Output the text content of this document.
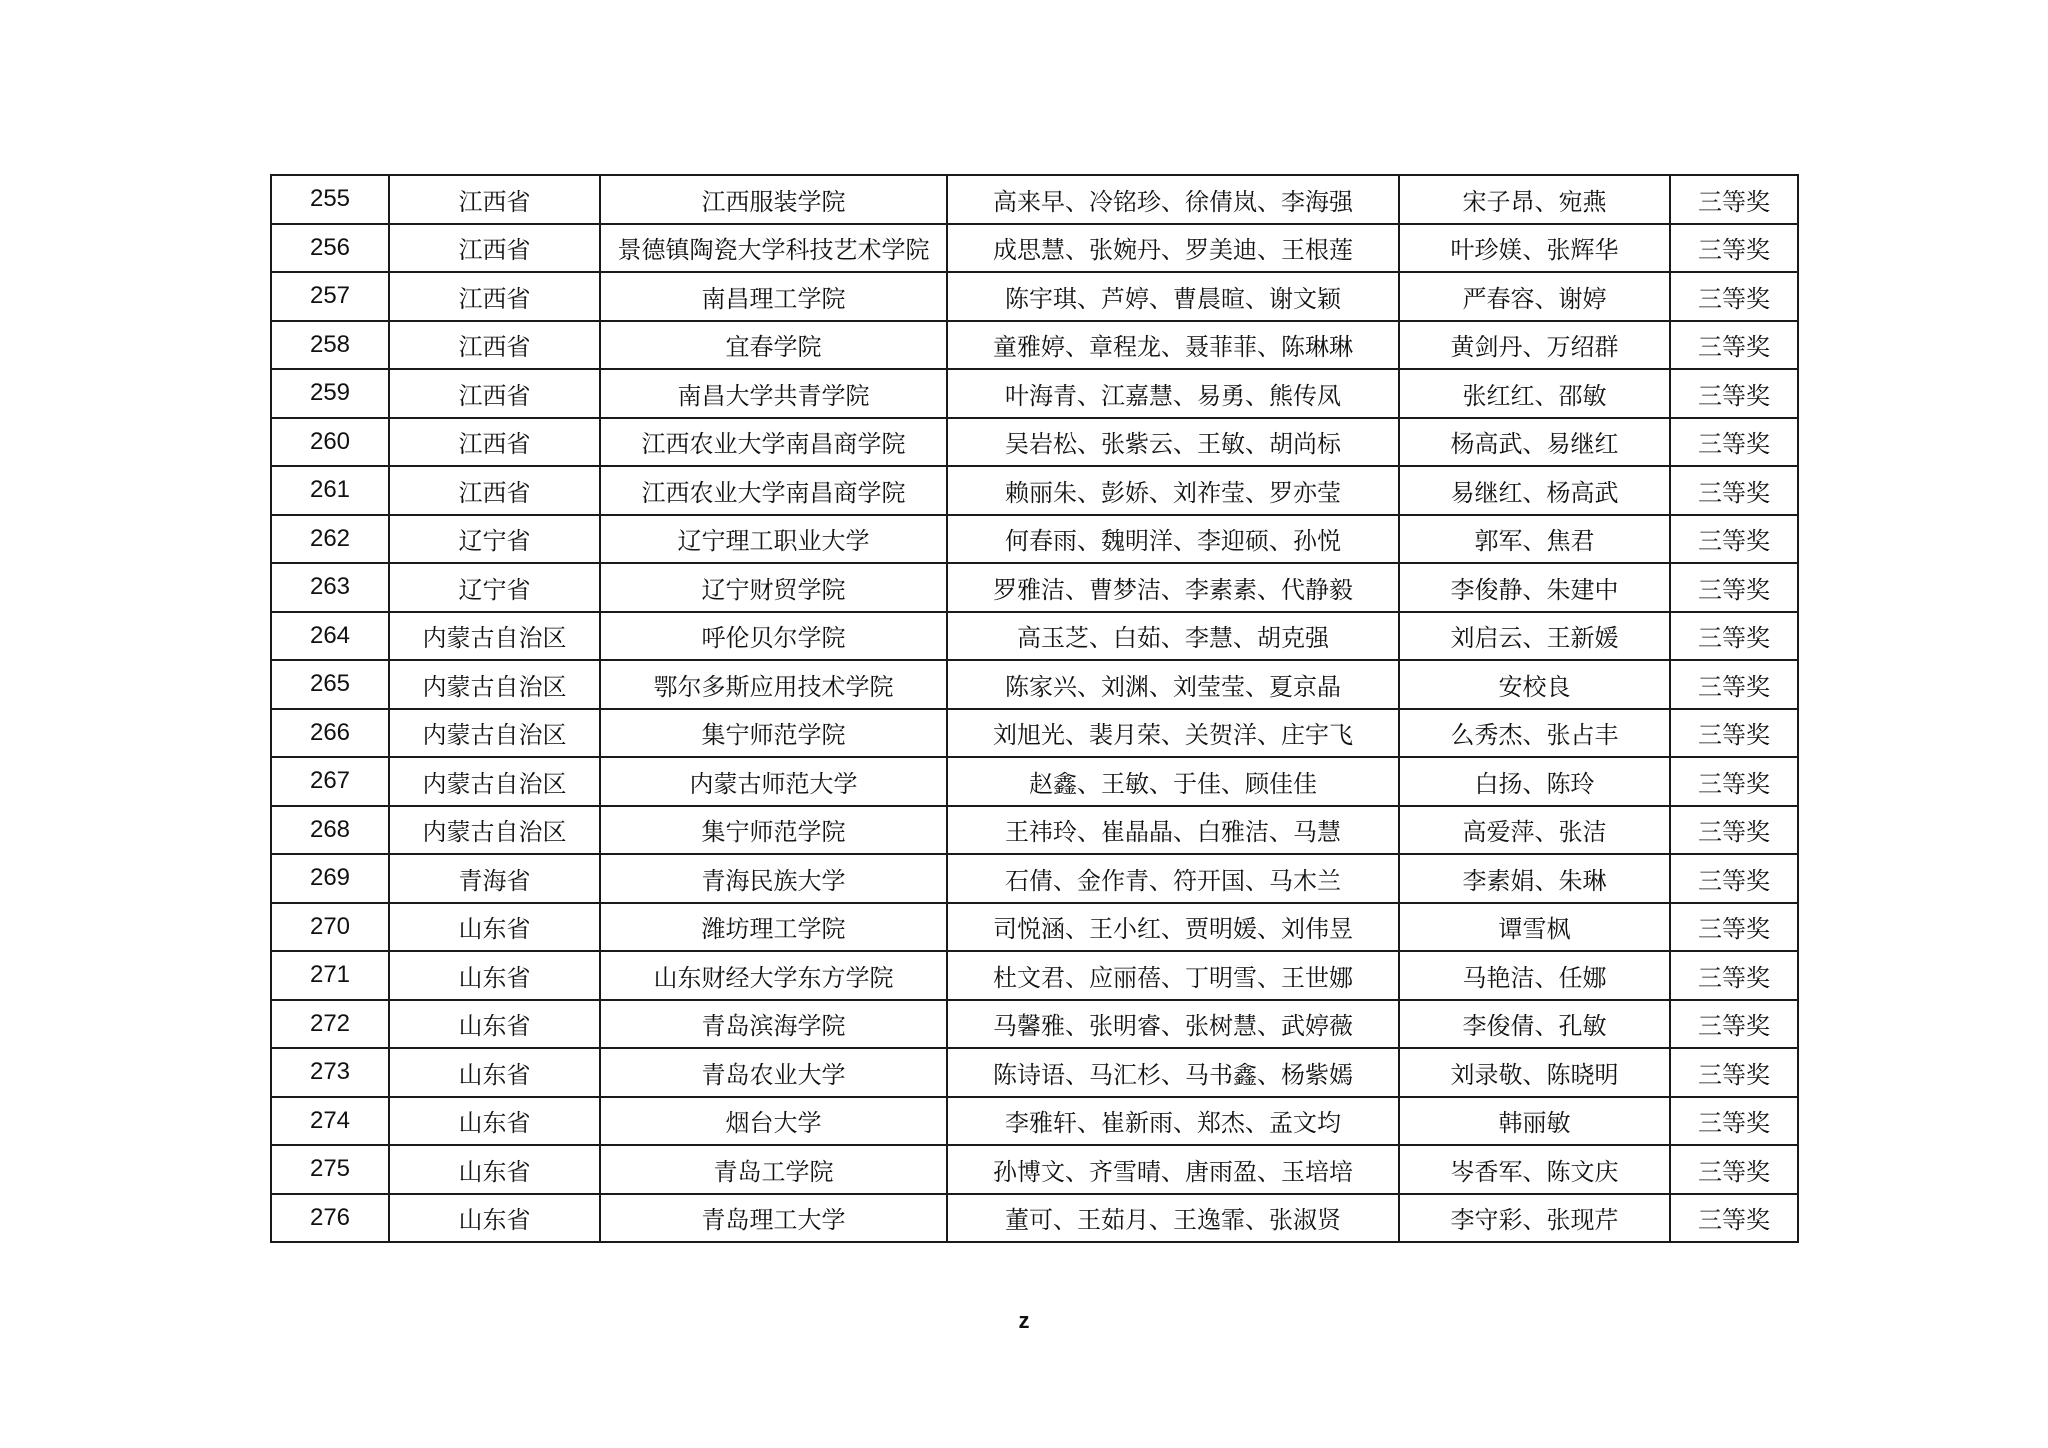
255	江西省	江西服装学院	高来早、冷铭珍、徐倩岚、李海强	宋子昂、宛燕	三等奖
256	江西省	景德镇陶瓷大学科技艺术学院	成思慧、张婉丹、罗美迪、王根莲	叶珍媄、张辉华	三等奖
257	江西省	南昌理工学院	陈宇琪、芦婷、曹晨暄、谢文颖	严春容、谢婷	三等奖
258	江西省	宜春学院	童雅婷、章程龙、聂菲菲、陈琳琳	黄剑丹、万绍群	三等奖
259	江西省	南昌大学共青学院	叶海青、江嘉慧、易勇、熊传凤	张红红、邵敏	三等奖
260	江西省	江西农业大学南昌商学院	吴岩松、张紫云、王敏、胡尚标	杨高武、易继红	三等奖
261	江西省	江西农业大学南昌商学院	赖丽朱、彭娇、刘祚莹、罗亦莹	易继红、杨高武	三等奖
262	辽宁省	辽宁理工职业大学	何春雨、魏明洋、李迎硕、孙悦	郭军、焦君	三等奖
263	辽宁省	辽宁财贸学院	罗雅洁、曹梦洁、李素素、代静毅	李俊静、朱建中	三等奖
264	内蒙古自治区	呼伦贝尔学院	高玉芝、白茹、李慧、胡克强	刘启云、王新媛	三等奖
265	内蒙古自治区	鄂尔多斯应用技术学院	陈家兴、刘渊、刘莹莹、夏京晶	安校良	三等奖
266	内蒙古自治区	集宁师范学院	刘旭光、裴月荣、关贺洋、庄宇飞	么秀杰、张占丰	三等奖
267	内蒙古自治区	内蒙古师范大学	赵鑫、王敏、于佳、顾佳佳	白扬、陈玲	三等奖
268	内蒙古自治区	集宁师范学院	王祎玲、崔晶晶、白雅洁、马慧	高爱萍、张洁	三等奖
269	青海省	青海民族大学	石倩、金作青、符开国、马木兰	李素娟、朱琳	三等奖
270	山东省	潍坊理工学院	司悦涵、王小红、贾明媛、刘伟昱	谭雪枫	三等奖
271	山东省	山东财经大学东方学院	杜文君、应丽蓓、丁明雪、王世娜	马艳洁、任娜	三等奖
272	山东省	青岛滨海学院	马馨雅、张明睿、张树慧、武婷薇	李俊倩、孔敏	三等奖
273	山东省	青岛农业大学	陈诗语、马汇杉、马书鑫、杨紫嫣	刘录敬、陈晓明	三等奖
274	山东省	烟台大学	李雅轩、崔新雨、郑杰、孟文均	韩丽敏	三等奖
275	山东省	青岛工学院	孙博文、齐雪晴、唐雨盈、玉培培	岑香军、陈文庆	三等奖
276	山东省	青岛理工大学	董可、王茹月、王逸霏、张淑贤	李守彩、张现芹	三等奖
z
